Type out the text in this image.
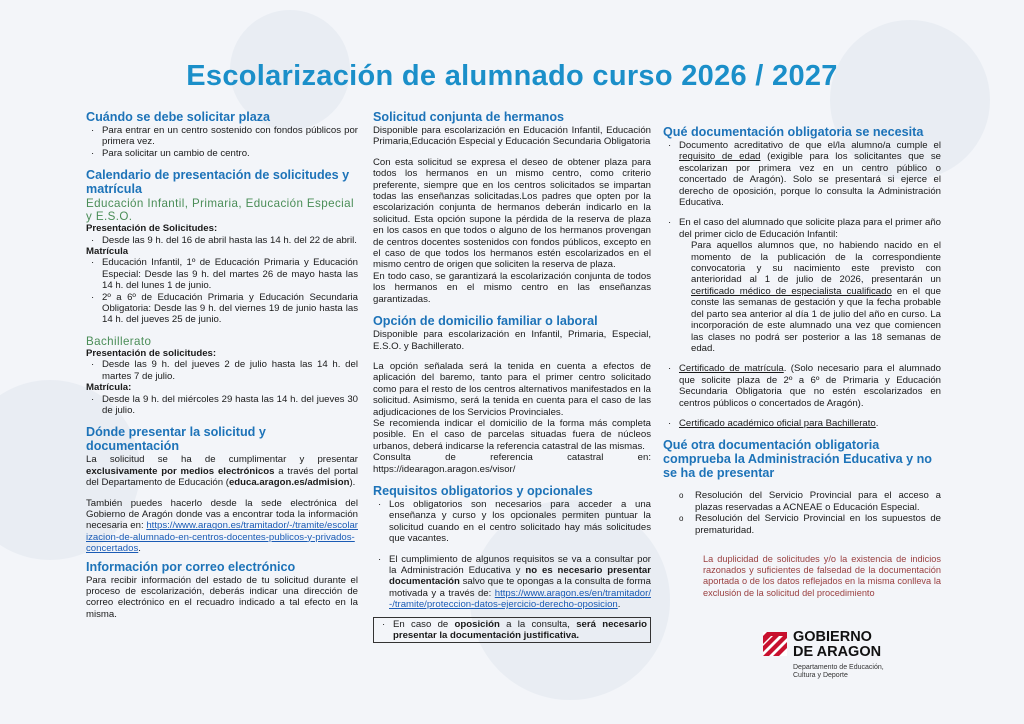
Escolarización de alumnado curso 2026 / 2027
Cuándo se debe solicitar plaza
· Para entrar en un centro sostenido con fondos públicos por primera vez.
· Para solicitar un cambio de centro.
Calendario de presentación de solicitudes y matrícula
Educación Infantil, Primaria, Educación Especial y E.S.O.

Presentación de Solicitudes:

· Desde las 9 h. del 16 de abril hasta las 14 h. del 22 de abril.

Matrícula

· Educación Infantil, 1º de Educación Primaria y Educación Especial: Desde las 9 h. del martes 26 de mayo hasta las 14 h. del lunes 1 de junio.
· 2º a 6º de Educación Primaria y Educación Secundaria Obligatoria: Desde las 9 h. del viernes 19 de junio hasta las 14 h. del jueves 25 de junio.
Bachillerato

Presentación de solicitudes:

· Desde las 9 h. del jueves 2 de julio hasta las 14 h. del martes 7 de julio.

Matrícula:

· Desde la 9 h. del miércoles 29 hasta las 14 h. del jueves 30 de julio.
Dónde presentar la solicitud y documentación

La solicitud se ha de cumplimentar y presentar exclusivamente por medios electrónicos a través del portal del Departamento de Educación (educa.aragon.es/admision).

También puedes hacerlo desde la sede electrónica del Gobierno de Aragón donde vas a encontrar toda la información necesaria en: https://www.aragon.es/tramitador/-/tramite/escolarizacion-de-alumnado-en-centros-docentes-publicos-y-privados-concertados.

Información por correo electrónico

Para recibir información del estado de tu solicitud durante el proceso de escolarización, deberás indicar una dirección de correo electrónico en el recuadro indicado a tal efecto en la misma.

Solicitud conjunta de hermanos

Disponible para escolarización en Educación Infantil, Educación Primaria,Educación Especial y Educación Secundaria Obligatoria

Con esta solicitud se expresa el deseo de obtener plaza para todos los hermanos en un mismo centro, como criterio preferente, siempre que en los centros solicitados se impartan todas las enseñanzas solicitadas.Los padres que opten por la escolarización conjunta de hermanos deberán indicarlo en la solicitud. Esta opción supone la pérdida de la reserva de plaza en los casos en que todos o alguno de los hermanos provengan de centros docentes sostenidos con fondos públicos, excepto en el caso de que todos los hermanos estén escolarizados en el mismo centro de origen que soliciten la reserva de plaza.

En todo caso, se garantizará la escolarización conjunta de todos los hermanos en el mismo centro en las enseñanzas garantizadas.

Opción de domicilio familiar o laboral

Disponible para escolarización en Infantil, Primaria, Especial, E.S.O. y Bachillerato.

La opción señalada será la tenida en cuenta a efectos de aplicación del baremo, tanto para el primer centro solicitado como para el resto de los centros alternativos manifestados en la solicitud. Asimismo, será la tenida en cuenta para el caso de las adjudicaciones de los Servicios Provinciales.

Se recomienda indicar el domicilio de la forma más completa posible. En el caso de parcelas situadas fuera de núcleos urbanos, deberá indicarse la referencia catastral de las mismas.

Consulta de referencia catastral en: https://idearagon.aragon.es/visor/

Requisitos obligatorios y opcionales
· Los obligatorios son necesarios para acceder a una enseñanza y curso y los opcionales permiten puntuar la solicitud cuando en el centro solicitado hay más solicitudes que vacantes.
· El cumplimiento de algunos requisitos se va a consultar por la Administración Educativa y no es necesario presentar documentación salvo que te opongas a la consulta de forma motivada y a través de: https://www.aragon.es/en/tramitador/-/tramite/proteccion-datos-ejercicio-derecho-oposicion.
· En caso de oposición a la consulta, será necesario presentar la documentación justificativa.
Qué documentación obligatoria se necesita
· Documento acreditativo de que el/la alumno/a cumple el requisito de edad (exigible para los solicitantes que se escolarizan por primera vez en un centro público o concertado de Aragón). Solo se presentará si ejerce el derecho de oposición, porque lo consulta la Administración Educativa.
· En el caso del alumnado que solicite plaza para el primer año del primer ciclo de Educación Infantil:

Para aquellos alumnos que, no habiendo nacido en el momento de la publicación de la correspondiente convocatoria y su nacimiento este previsto con anterioridad al 1 de julio de 2026, presentarán un certificado médico de especialista cualificado en el que conste las semanas de gestación y que la fecha probable del parto sea anterior al día 1 de julio del año en curso. La incorporación de este alumnado una vez que comiencen las clases no podrá ser posterior a las 18 semanas de edad.

· Certificado de matrícula. (Solo necesario para el alumnado que solicite plaza de 2º a 6º de Primaria y Educación Secundaria Obligatoria que no estén escolarizados en centros públicos o concertados de Aragón).
· Certificado académico oficial para Bachillerato.
Qué otra documentación obligatoria comprueba la Administración Educativa y no se ha de presentar
o Resolución del Servicio Provincial para el acceso a plazas reservadas a ACNEAE o Educación Especial.
o Resolución del Servicio Provincial en los supuestos de prematuridad.

La duplicidad de solicitudes y/o la existencia de indicios razonados y suficientes de falsedad de la documentación aportada o de los datos reflejados en la misma conlleva la exclusión de la solicitud del procedimiento

GOBIERNO
DE ARAGON
Departamento de Educación,
Cultura y Deporte
